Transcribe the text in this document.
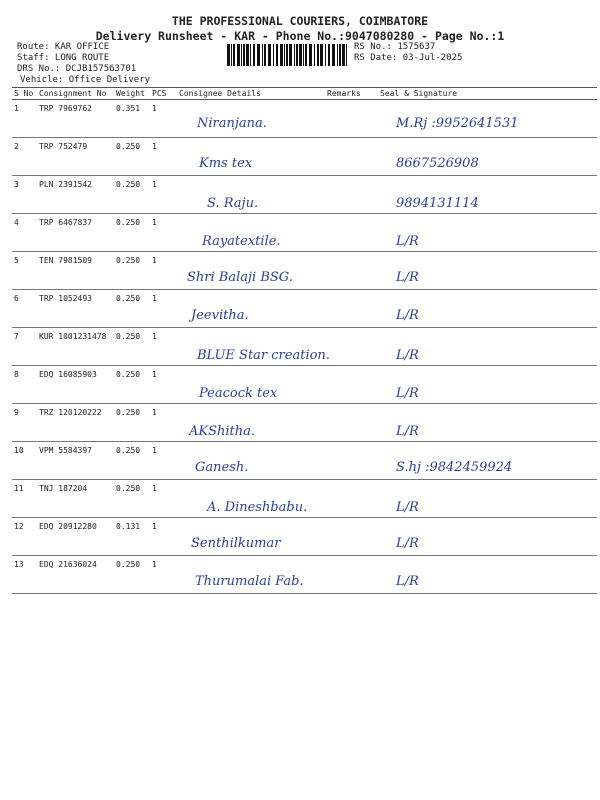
THE PROFESSIONAL COURIERS, COIMBATORE
Delivery Runsheet - KAR - Phone No.:9047080280 - Page No.:1
Route: KAR OFFICE
Staff: LONG ROUTE
DRS No.: DCJB157563701
Vehicle: Office Delivery
RS No.: 1575637
RS Date: 03-Jul-2025
S No	Consignment No	Weight	PCS	Consignee Details	Remarks	Seal & Signature
1	TRP 7969762	0.351	1	Niranjana.		M.Rj :9952641531

2	TRP 752479	0.250	1	Kms tex		8667526908

3	PLN 2391542	0.250	1	S. Raju.		9894131114

4	TRP 6467837	0.250	1	Rayatextile.		L/R

5	TEN 7981509	0.250	1	Shri Balaji BSG.		L/R

6	TRP 1052493	0.250	1	Jeevitha.		L/R

7	KUR 1001231478	0.250	1	BLUE Star creation.		L/R

8	EDQ 16085903	0.250	1	Peacock tex		L/R

9	TRZ 120120222	0.250	1	AKShitha.		L/R

10	VPM 5584397	0.250	1	Ganesh.		S.hj :9842459924

11	TNJ 187204	0.250	1	A. Dineshbabu.		L/R

12	EDQ 20912280	0.131	1	Senthilkumar		L/R

13	EDQ 21636024	0.250	1	Thurumalai Fab.		L/R
